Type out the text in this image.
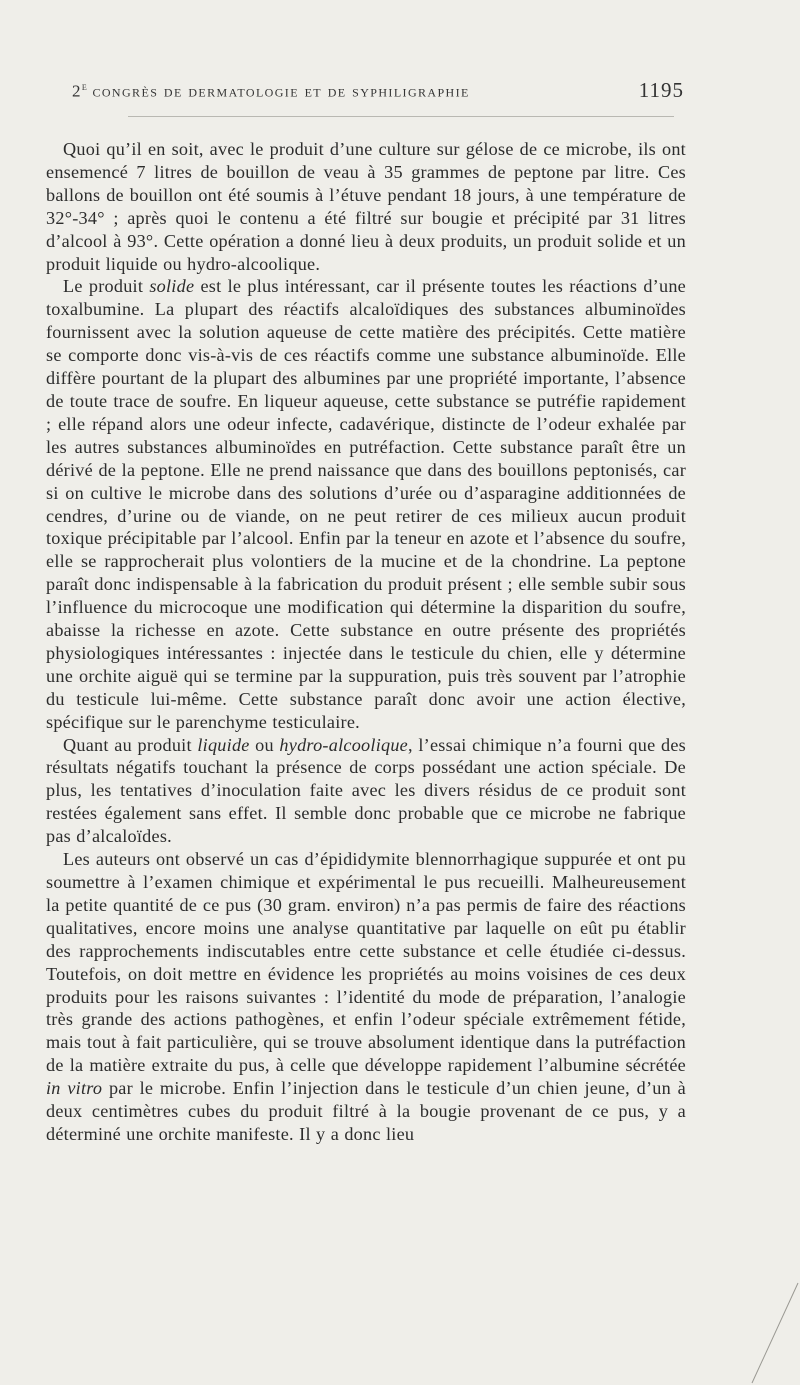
2e congrès de dermatologie et de syphiligraphie	1195

Quoi qu’il en soit, avec le produit d’une culture sur gélose de ce microbe, ils ont ensemencé 7 litres de bouillon de veau à 35 grammes de peptone par litre. Ces ballons de bouillon ont été soumis à l’étuve pendant 18 jours, à une température de 32°-34° ; après quoi le contenu a été filtré sur bougie et précipité par 31 litres d’alcool à 93°. Cette opération a donné lieu à deux produits, un produit solide et un produit liquide ou hydro-alcoolique.

Le produit solide est le plus intéressant, car il présente toutes les réactions d’une toxalbumine. La plupart des réactifs alcaloïdiques des substances albuminoïdes fournissent avec la solution aqueuse de cette matière des précipités. Cette matière se comporte donc vis-à-vis de ces réactifs comme une substance albuminoïde. Elle diffère pourtant de la plupart des albumines par une propriété importante, l’absence de toute trace de soufre. En liqueur aqueuse, cette substance se putréfie rapidement ; elle répand alors une odeur infecte, cadavérique, distincte de l’odeur exhalée par les autres substances albuminoïdes en putréfaction. Cette substance paraît être un dérivé de la peptone. Elle ne prend naissance que dans des bouillons peptonisés, car si on cultive le microbe dans des solutions d’urée ou d’asparagine additionnées de cendres, d’urine ou de viande, on ne peut retirer de ces milieux aucun produit toxique précipitable par l’alcool. Enfin par la teneur en azote et l’absence du soufre, elle se rapprocherait plus volontiers de la mucine et de la chondrine. La peptone paraît donc indispensable à la fabrication du produit présent ; elle semble subir sous l’influence du microcoque une modification qui détermine la disparition du soufre, abaisse la richesse en azote. Cette substance en outre présente des propriétés physiologiques intéressantes : injectée dans le testicule du chien, elle y détermine une orchite aiguë qui se termine par la suppuration, puis très souvent par l’atrophie du testicule lui-même. Cette substance paraît donc avoir une action élective, spécifique sur le parenchyme testiculaire.

Quant au produit liquide ou hydro-alcoolique, l’essai chimique n’a fourni que des résultats négatifs touchant la présence de corps possédant une action spéciale. De plus, les tentatives d’inoculation faite avec les divers résidus de ce produit sont restées également sans effet. Il semble donc probable que ce microbe ne fabrique pas d’alcaloïdes.

Les auteurs ont observé un cas d’épididymite blennorrhagique suppurée et ont pu soumettre à l’examen chimique et expérimental le pus recueilli. Malheureusement la petite quantité de ce pus (30 gram. environ) n’a pas permis de faire des réactions qualitatives, encore moins une analyse quantitative par laquelle on eût pu établir des rapprochements indiscutables entre cette substance et celle étudiée ci-dessus. Toutefois, on doit mettre en évidence les propriétés au moins voisines de ces deux produits pour les raisons suivantes : l’identité du mode de préparation, l’analogie très grande des actions pathogènes, et enfin l’odeur spéciale extrêmement fétide, mais tout à fait particulière, qui se trouve absolument identique dans la putréfaction de la matière extraite du pus, à celle que développe rapidement l’albumine sécrétée in vitro par le microbe. Enfin l’injection dans le testicule d’un chien jeune, d’un à deux centimètres cubes du produit filtré à la bougie provenant de ce pus, y a déterminé une orchite manifeste. Il y a donc lieu
